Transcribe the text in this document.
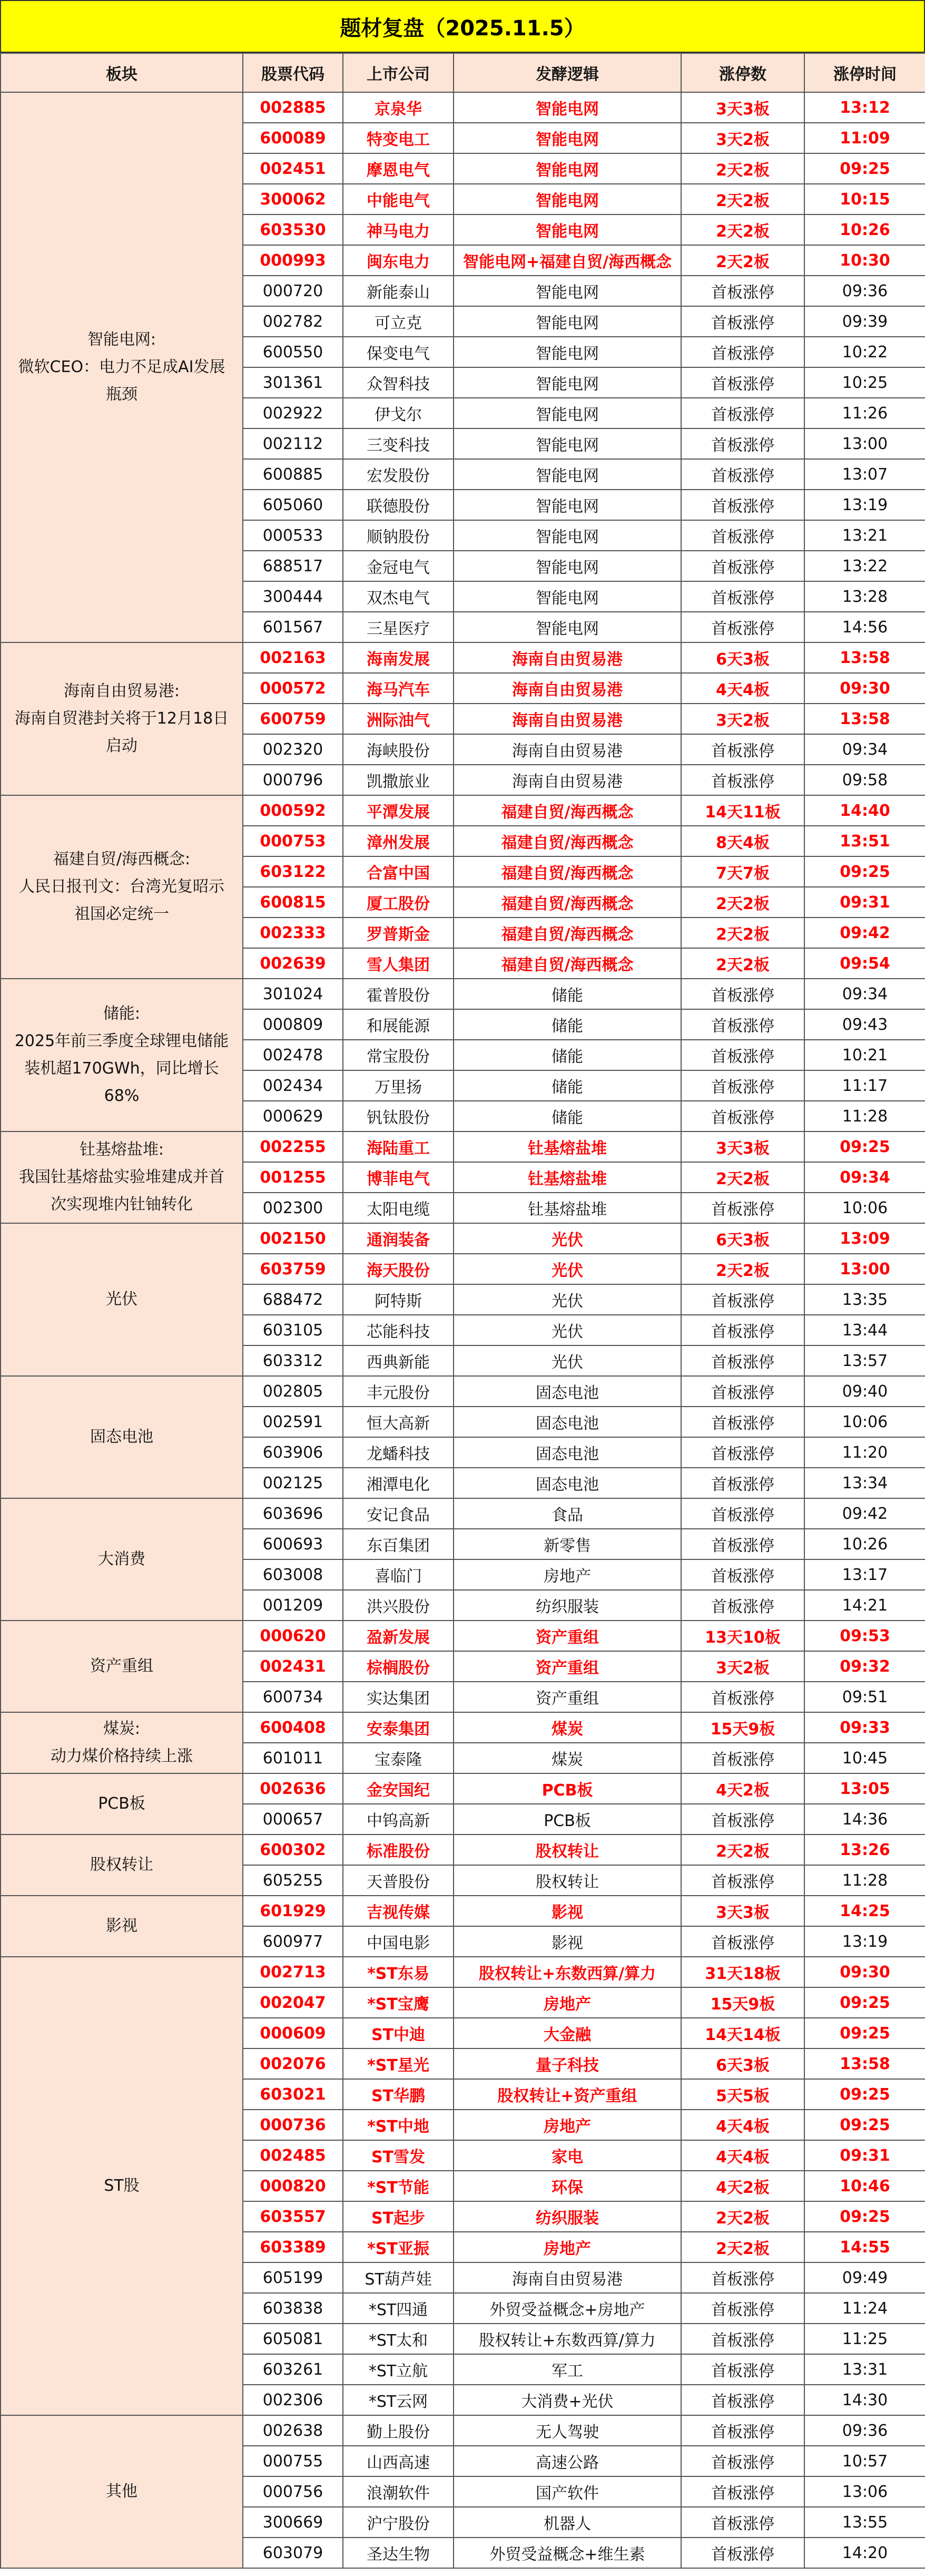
题材复盘（2025.11.5）
板块	股票代码	上市公司	发酵逻辑	涨停数	涨停时间

智能电网:
微软CEO：电力不足成AI发展
瓶颈	002885	京泉华	智能电网	3天3板	13:12
	600089	特变电工	智能电网	3天2板	11:09
	002451	摩恩电气	智能电网	2天2板	09:25
	300062	中能电气	智能电网	2天2板	10:15
	603530	神马电力	智能电网	2天2板	10:26
	000993	闽东电力	智能电网+福建自贸/海西概念	2天2板	10:30
	000720	新能泰山	智能电网	首板涨停	09:36
	002782	可立克	智能电网	首板涨停	09:39
	600550	保变电气	智能电网	首板涨停	10:22
	301361	众智科技	智能电网	首板涨停	10:25
	002922	伊戈尔	智能电网	首板涨停	11:26
	002112	三变科技	智能电网	首板涨停	13:00
	600885	宏发股份	智能电网	首板涨停	13:07
	605060	联德股份	智能电网	首板涨停	13:19
	000533	顺钠股份	智能电网	首板涨停	13:21
	688517	金冠电气	智能电网	首板涨停	13:22
	300444	双杰电气	智能电网	首板涨停	13:28
	601567	三星医疗	智能电网	首板涨停	14:56

海南自由贸易港:
海南自贸港封关将于12月18日
启动	002163	海南发展	海南自由贸易港	6天3板	13:58
	000572	海马汽车	海南自由贸易港	4天4板	09:30
	600759	洲际油气	海南自由贸易港	3天2板	13:58
	002320	海峡股份	海南自由贸易港	首板涨停	09:34
	000796	凯撒旅业	海南自由贸易港	首板涨停	09:58

福建自贸/海西概念:
人民日报刊文：台湾光复昭示
祖国必定统一	000592	平潭发展	福建自贸/海西概念	14天11板	14:40
	000753	漳州发展	福建自贸/海西概念	8天4板	13:51
	603122	合富中国	福建自贸/海西概念	7天7板	09:25
	600815	厦工股份	福建自贸/海西概念	2天2板	09:31
	002333	罗普斯金	福建自贸/海西概念	2天2板	09:42
	002639	雪人集团	福建自贸/海西概念	2天2板	09:54

储能:
2025年前三季度全球锂电储能
装机超170GWh，同比增长
68%	301024	霍普股份	储能	首板涨停	09:34
	000809	和展能源	储能	首板涨停	09:43
	002478	常宝股份	储能	首板涨停	10:21
	002434	万里扬	储能	首板涨停	11:17
	000629	钒钛股份	储能	首板涨停	11:28

钍基熔盐堆:
我国钍基熔盐实验堆建成并首
次实现堆内钍铀转化	002255	海陆重工	钍基熔盐堆	3天3板	09:25
	001255	博菲电气	钍基熔盐堆	2天2板	09:34
	002300	太阳电缆	钍基熔盐堆	首板涨停	10:06

光伏	002150	通润装备	光伏	6天3板	13:09
	603759	海天股份	光伏	2天2板	13:00
	688472	阿特斯	光伏	首板涨停	13:35
	603105	芯能科技	光伏	首板涨停	13:44
	603312	西典新能	光伏	首板涨停	13:57

固态电池	002805	丰元股份	固态电池	首板涨停	09:40
	002591	恒大高新	固态电池	首板涨停	10:06
	603906	龙蟠科技	固态电池	首板涨停	11:20
	002125	湘潭电化	固态电池	首板涨停	13:34

大消费	603696	安记食品	食品	首板涨停	09:42
	600693	东百集团	新零售	首板涨停	10:26
	603008	喜临门	房地产	首板涨停	13:17
	001209	洪兴股份	纺织服装	首板涨停	14:21

资产重组	000620	盈新发展	资产重组	13天10板	09:53
	002431	棕榈股份	资产重组	3天2板	09:32
	600734	实达集团	资产重组	首板涨停	09:51

煤炭:
动力煤价格持续上涨	600408	安泰集团	煤炭	15天9板	09:33
	601011	宝泰隆	煤炭	首板涨停	10:45

PCB板	002636	金安国纪	PCB板	4天2板	13:05
	000657	中钨高新	PCB板	首板涨停	14:36

股权转让	600302	标准股份	股权转让	2天2板	13:26
	605255	天普股份	股权转让	首板涨停	11:28

影视	601929	吉视传媒	影视	3天3板	14:25
	600977	中国电影	影视	首板涨停	13:19

ST股	002713	*ST东易	股权转让+东数西算/算力	31天18板	09:30
	002047	*ST宝鹰	房地产	15天9板	09:25
	000609	ST中迪	大金融	14天14板	09:25
	002076	*ST星光	量子科技	6天3板	13:58
	603021	ST华鹏	股权转让+资产重组	5天5板	09:25
	000736	*ST中地	房地产	4天4板	09:25
	002485	ST雪发	家电	4天4板	09:31
	000820	*ST节能	环保	4天2板	10:46
	603557	ST起步	纺织服装	2天2板	09:25
	603389	*ST亚振	房地产	2天2板	14:55
	605199	ST葫芦娃	海南自由贸易港	首板涨停	09:49
	603838	*ST四通	外贸受益概念+房地产	首板涨停	11:24
	605081	*ST太和	股权转让+东数西算/算力	首板涨停	11:25
	603261	*ST立航	军工	首板涨停	13:31
	002306	*ST云网	大消费+光伏	首板涨停	14:30

其他	002638	勤上股份	无人驾驶	首板涨停	09:36
	000755	山西高速	高速公路	首板涨停	10:57
	000756	浪潮软件	国产软件	首板涨停	13:06
	300669	沪宁股份	机器人	首板涨停	13:55
	603079	圣达生物	外贸受益概念+维生素	首板涨停	14:20
